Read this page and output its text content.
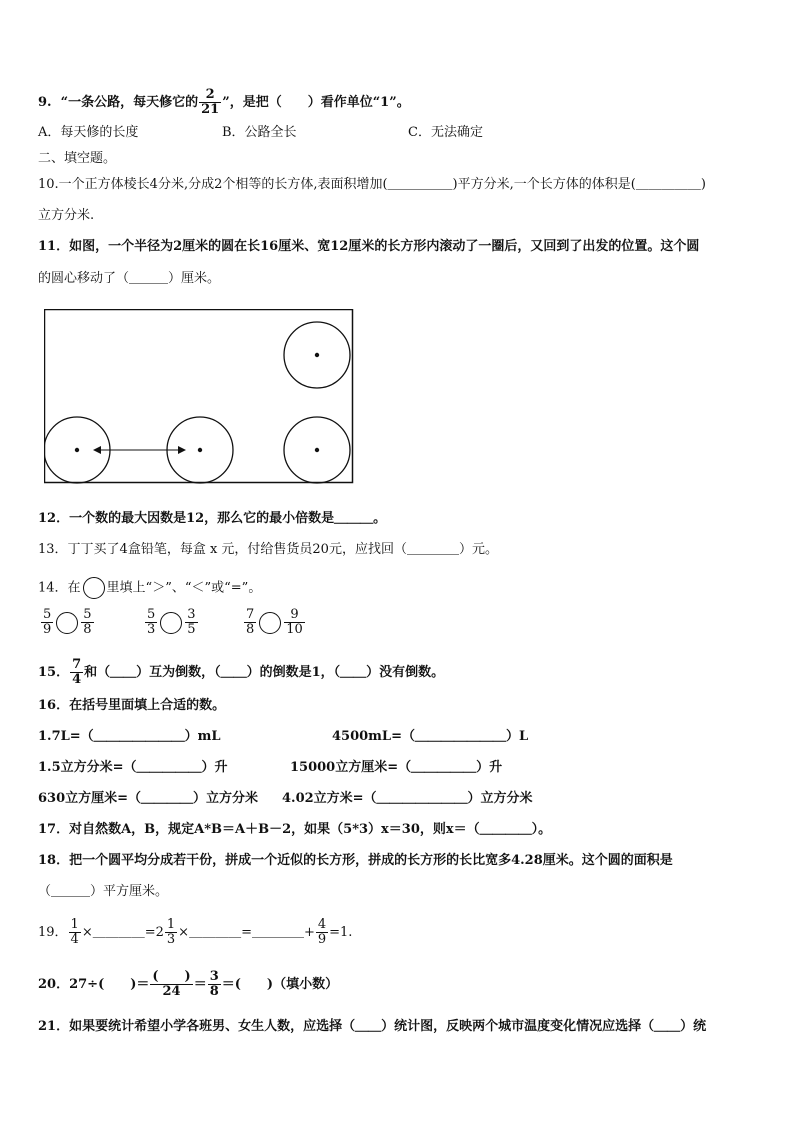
9. “一条公路，每天修它的 $\frac{2}{21}$ ”，是把（　　）看作单位“1”。
A．每天修的长度	B．公路全长	C．无法确定
二、填空题。
10.一个正方体棱长4分米,分成2个相等的长方体,表面积增加(＿＿＿＿＿)平方分米,一个长方体的体积是(＿＿＿＿＿)
立方分米.
11．如图，一个半径为2厘米的圆在长16厘米、宽12厘米的长方形内滚动了一圈后，又回到了出发的位置。这个圆
的圆心移动了（＿＿＿）厘米。
12．一个数的最大因数是12，那么它的最小倍数是＿＿＿。
13．丁丁买了4盒铅笔，每盒 x 元，付给售货员20元，应找回（＿＿＿＿）元。
14．在 里填上“＞”、“＜”或“=”。
$\frac{5}{9} \frac{5}{8}$	$\frac{5}{3} \frac{3}{5}$	$\frac{7}{8} \frac{9}{10}$
15． $\frac{7}{4}$ 和（＿＿）互为倒数，（＿＿）的倒数是1，（＿＿）没有倒数。
16．在括号里面填上合适的数。
1.7L=（＿＿＿＿＿＿＿）mL	4500mL=（＿＿＿＿＿＿＿）L
1.5立方分米=（＿＿＿＿＿）升	15000立方厘米=（＿＿＿＿＿）升
630立方厘米=（＿＿＿＿）立方分米 4.02立方米=（＿＿＿＿＿＿＿）立方分米
17．对自然数A，B，规定A*B＝A＋B－2，如果（5*3）x＝30，则x＝（＿＿＿＿）。
18．把一个圆平均分成若干份，拼成一个近似的长方形，拼成的长方形的长比宽多4.28厘米。这个圆的面积是
（＿＿＿）平方厘米。
19． $\frac{1}{4}$ ×＿＿＿＿=2 $\frac{1}{3}$ ×＿＿＿＿=＿＿＿＿+ $\frac{4}{9} =1$.
20．27÷(　　)＝ $\frac{( )}{24} = \frac{3}{8}$ ＝(　　)（填小数）
21．如果要统计希望小学各班男、女生人数，应选择（＿＿）统计图，反映两个城市温度变化情况应选择（＿＿）统
